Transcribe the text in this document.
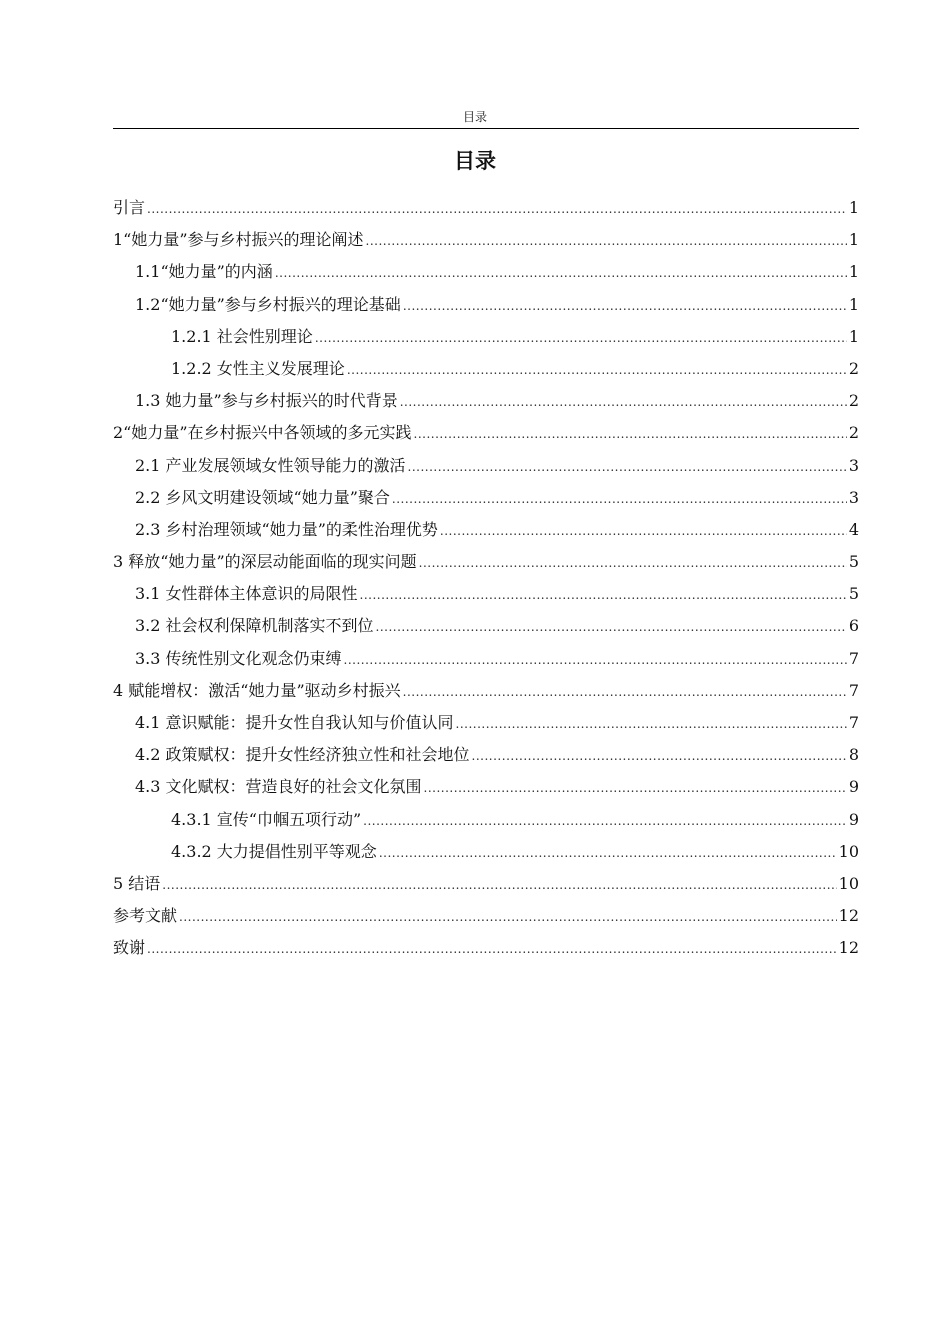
目录
目录
引言 .....	1
1“她力量”参与乡村振兴的理论阐述 .....	1
1.1“她力量”的内涵 .....	1
1.2“她力量”参与乡村振兴的理论基础 .....	1
1.2.1 社会性别理论 .....	1
1.2.2 女性主义发展理论 .....	2
1.3 她力量”参与乡村振兴的时代背景 .....	2
2“她力量”在乡村振兴中各领域的多元实践 .....	2
2.1 产业发展领域女性领导能力的激活 .....	3
2.2 乡风文明建设领域“她力量”聚合 .....	3
2.3 乡村治理领域“她力量”的柔性治理优势 .....	4
3 释放“她力量”的深层动能面临的现实问题 .....	5
3.1 女性群体主体意识的局限性 .....	5
3.2 社会权利保障机制落实不到位 .....	6
3.3 传统性别文化观念仍束缚 .....	7
4 赋能增权：激活“她力量”驱动乡村振兴 .....	7
4.1 意识赋能：提升女性自我认知与价值认同 .....	7
4.2 政策赋权：提升女性经济独立性和社会地位 .....	8
4.3 文化赋权：营造良好的社会文化氛围 .....	9
4.3.1 宣传“巾帼五项行动” .....	9
4.3.2 大力提倡性别平等观念 .....	10
5 结语 .....	10
参考文献 .....	12
致谢 .....	12
